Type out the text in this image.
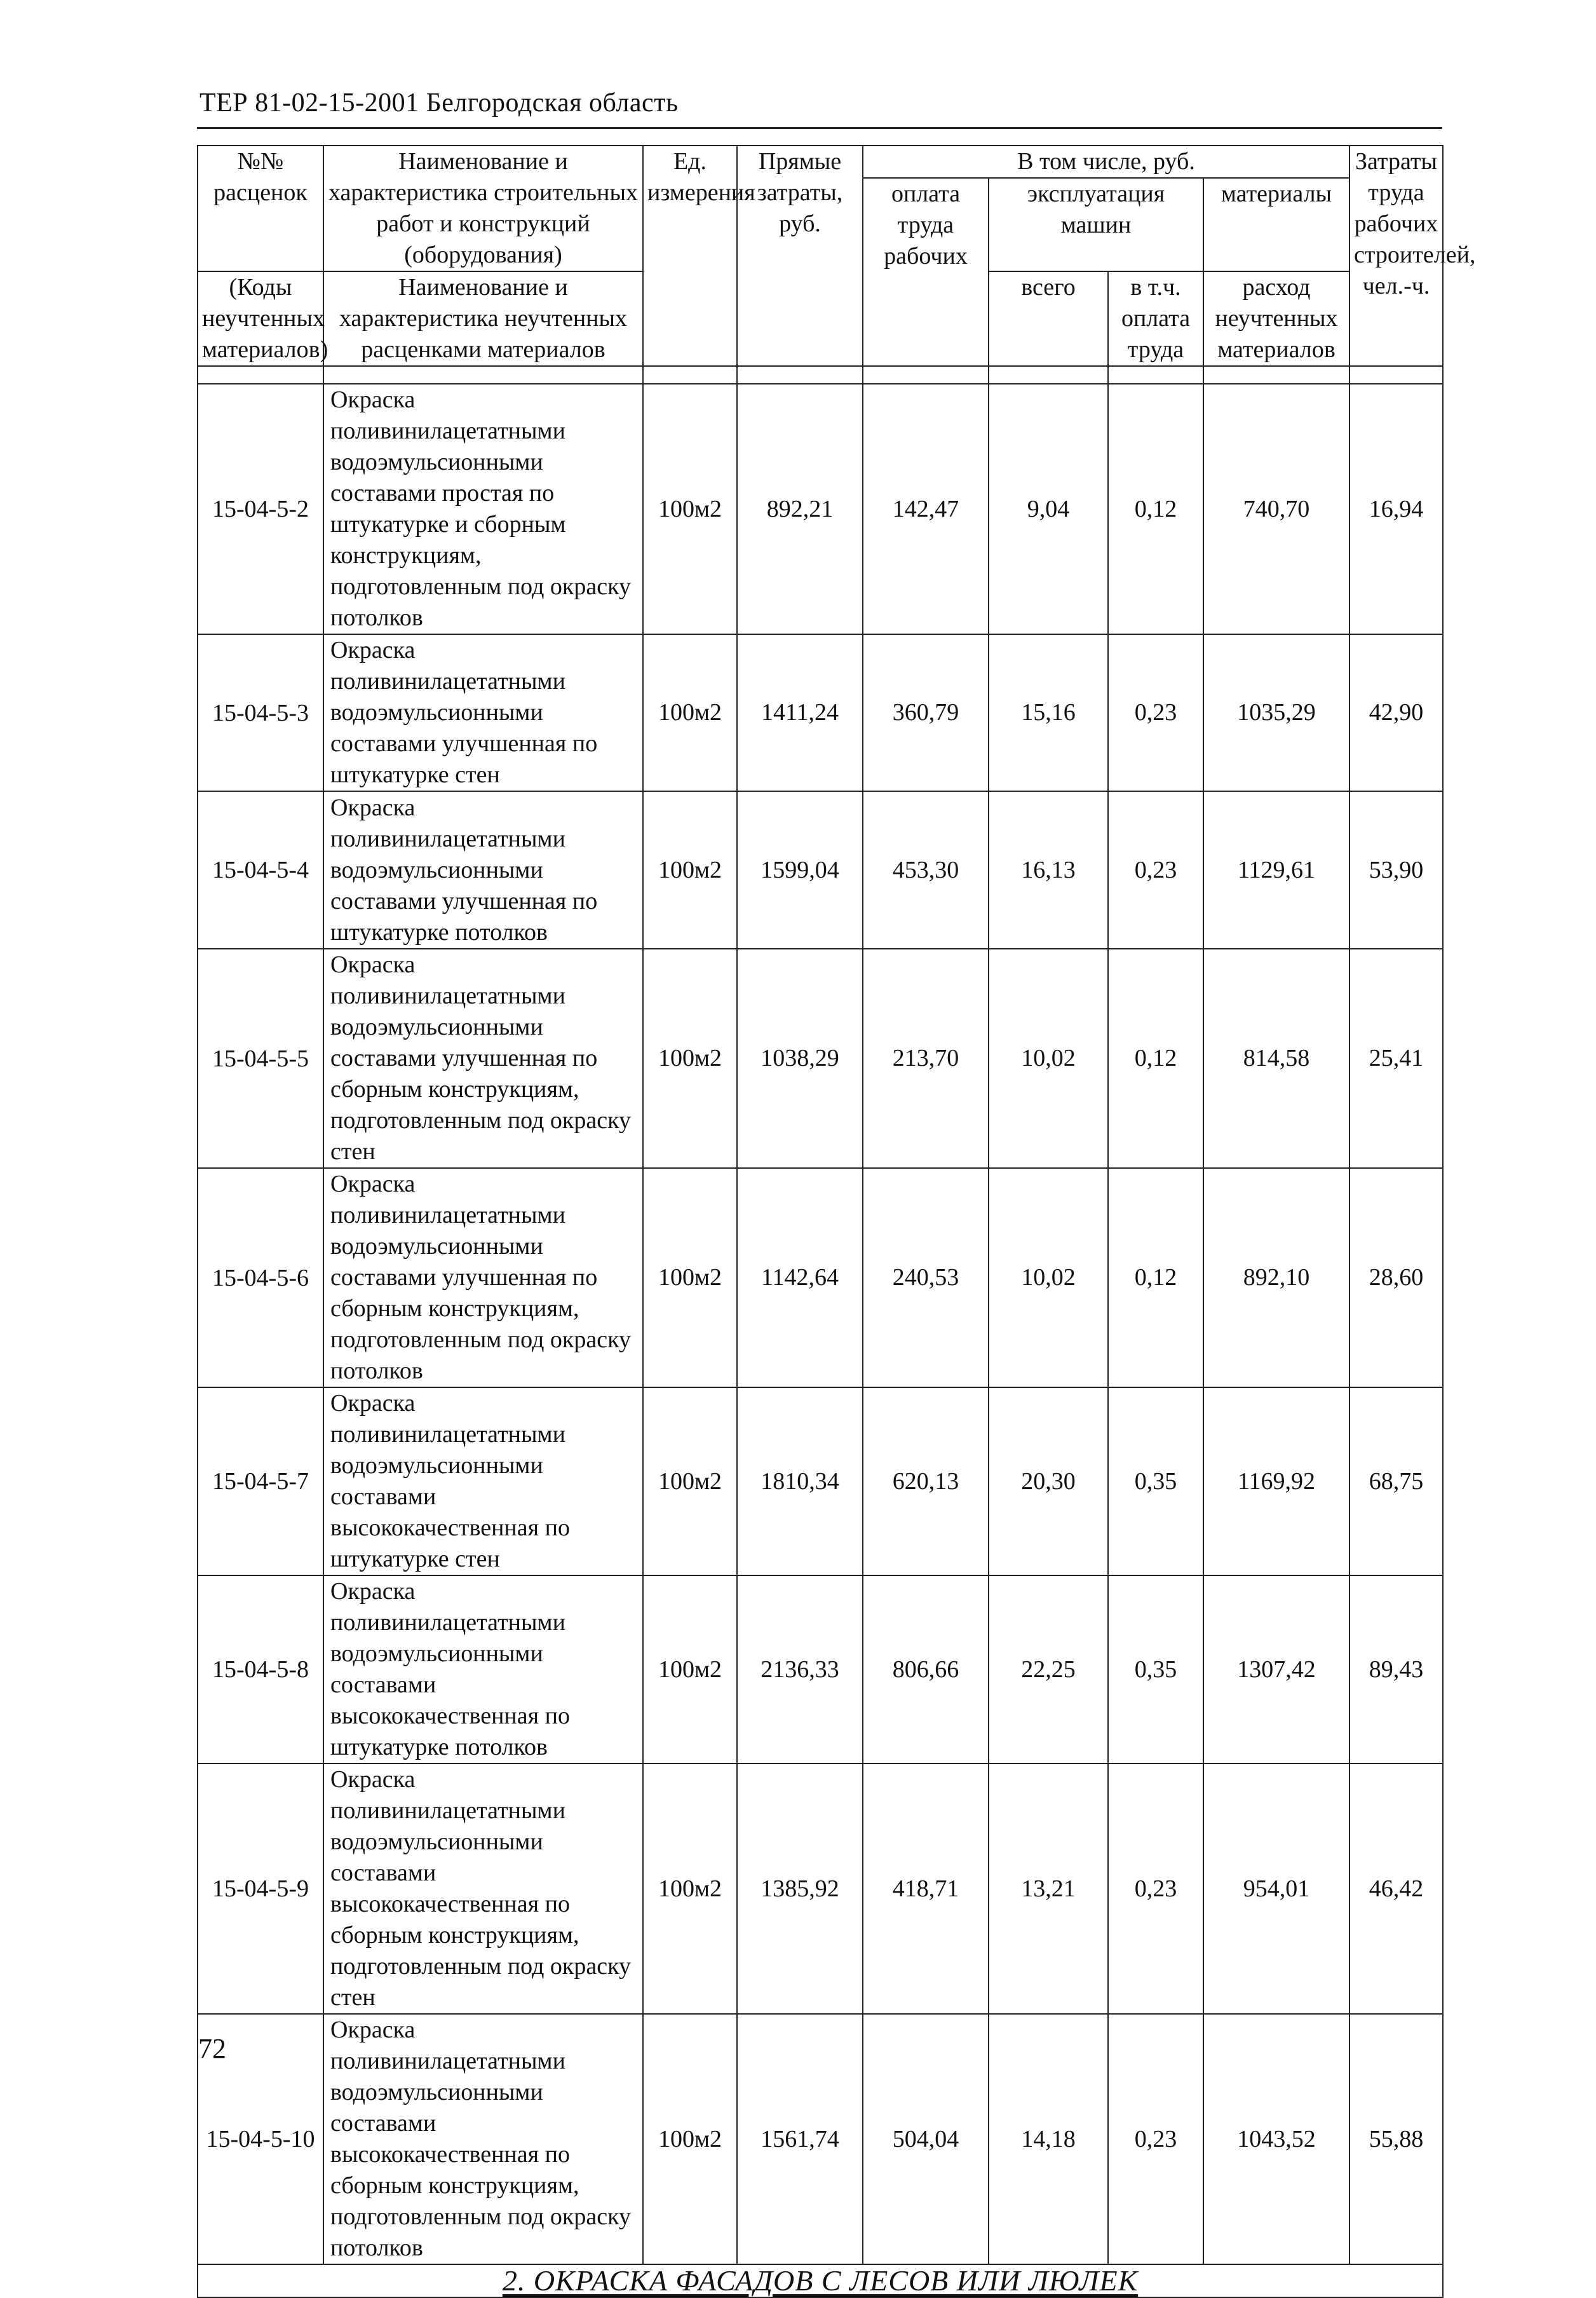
ТЕР 81-02-15-2001 Белгородская область
№№ расценок	Наименование и характеристика строительных работ и конструкций (оборудования)	Ед. измерения	Прямые затраты, руб.	В том числе, руб.				Затраты труда рабочих строителей, чел.-ч.
				оплата труда рабочих	эксплуатация машин		материалы	
(Коды неучтенных материалов)	Наименование и характеристика неучтенных расценками материалов				всего	в т.ч. оплата труда	расход неучтенных материалов	

15-04-5-2	Окраска поливинилацетатными водоэмульсионными составами простая по штукатурке и сборным конструкциям, подготовленным под окраску потолков	100м2	892,21	142,47	9,04	0,12	740,70	16,94
15-04-5-3	Окраска поливинилацетатными водоэмульсионными составами улучшенная по штукатурке стен	100м2	1411,24	360,79	15,16	0,23	1035,29	42,90
15-04-5-4	Окраска поливинилацетатными водоэмульсионными составами улучшенная по штукатурке потолков	100м2	1599,04	453,30	16,13	0,23	1129,61	53,90
15-04-5-5	Окраска поливинилацетатными водоэмульсионными составами улучшенная по сборным конструкциям, подготовленным под окраску стен	100м2	1038,29	213,70	10,02	0,12	814,58	25,41
15-04-5-6	Окраска поливинилацетатными водоэмульсионными составами улучшенная по сборным конструкциям, подготовленным под окраску потолков	100м2	1142,64	240,53	10,02	0,12	892,10	28,60
15-04-5-7	Окраска поливинилацетатными водоэмульсионными составами высококачественная по штукатурке стен	100м2	1810,34	620,13	20,30	0,35	1169,92	68,75
15-04-5-8	Окраска поливинилацетатными водоэмульсионными составами высококачественная по штукатурке потолков	100м2	2136,33	806,66	22,25	0,35	1307,42	89,43
15-04-5-9	Окраска поливинилацетатными водоэмульсионными составами высококачественная по сборным конструкциям, подготовленным под окраску стен	100м2	1385,92	418,71	13,21	0,23	954,01	46,42
15-04-5-10	Окраска поливинилацетатными водоэмульсионными составами высококачественная по сборным конструкциям, подготовленным под окраску потолков	100м2	1561,74	504,04	14,18	0,23	1043,52	55,88
2. ОКРАСКА ФАСАДОВ С ЛЕСОВ ИЛИ ЛЮЛЕК								
72
